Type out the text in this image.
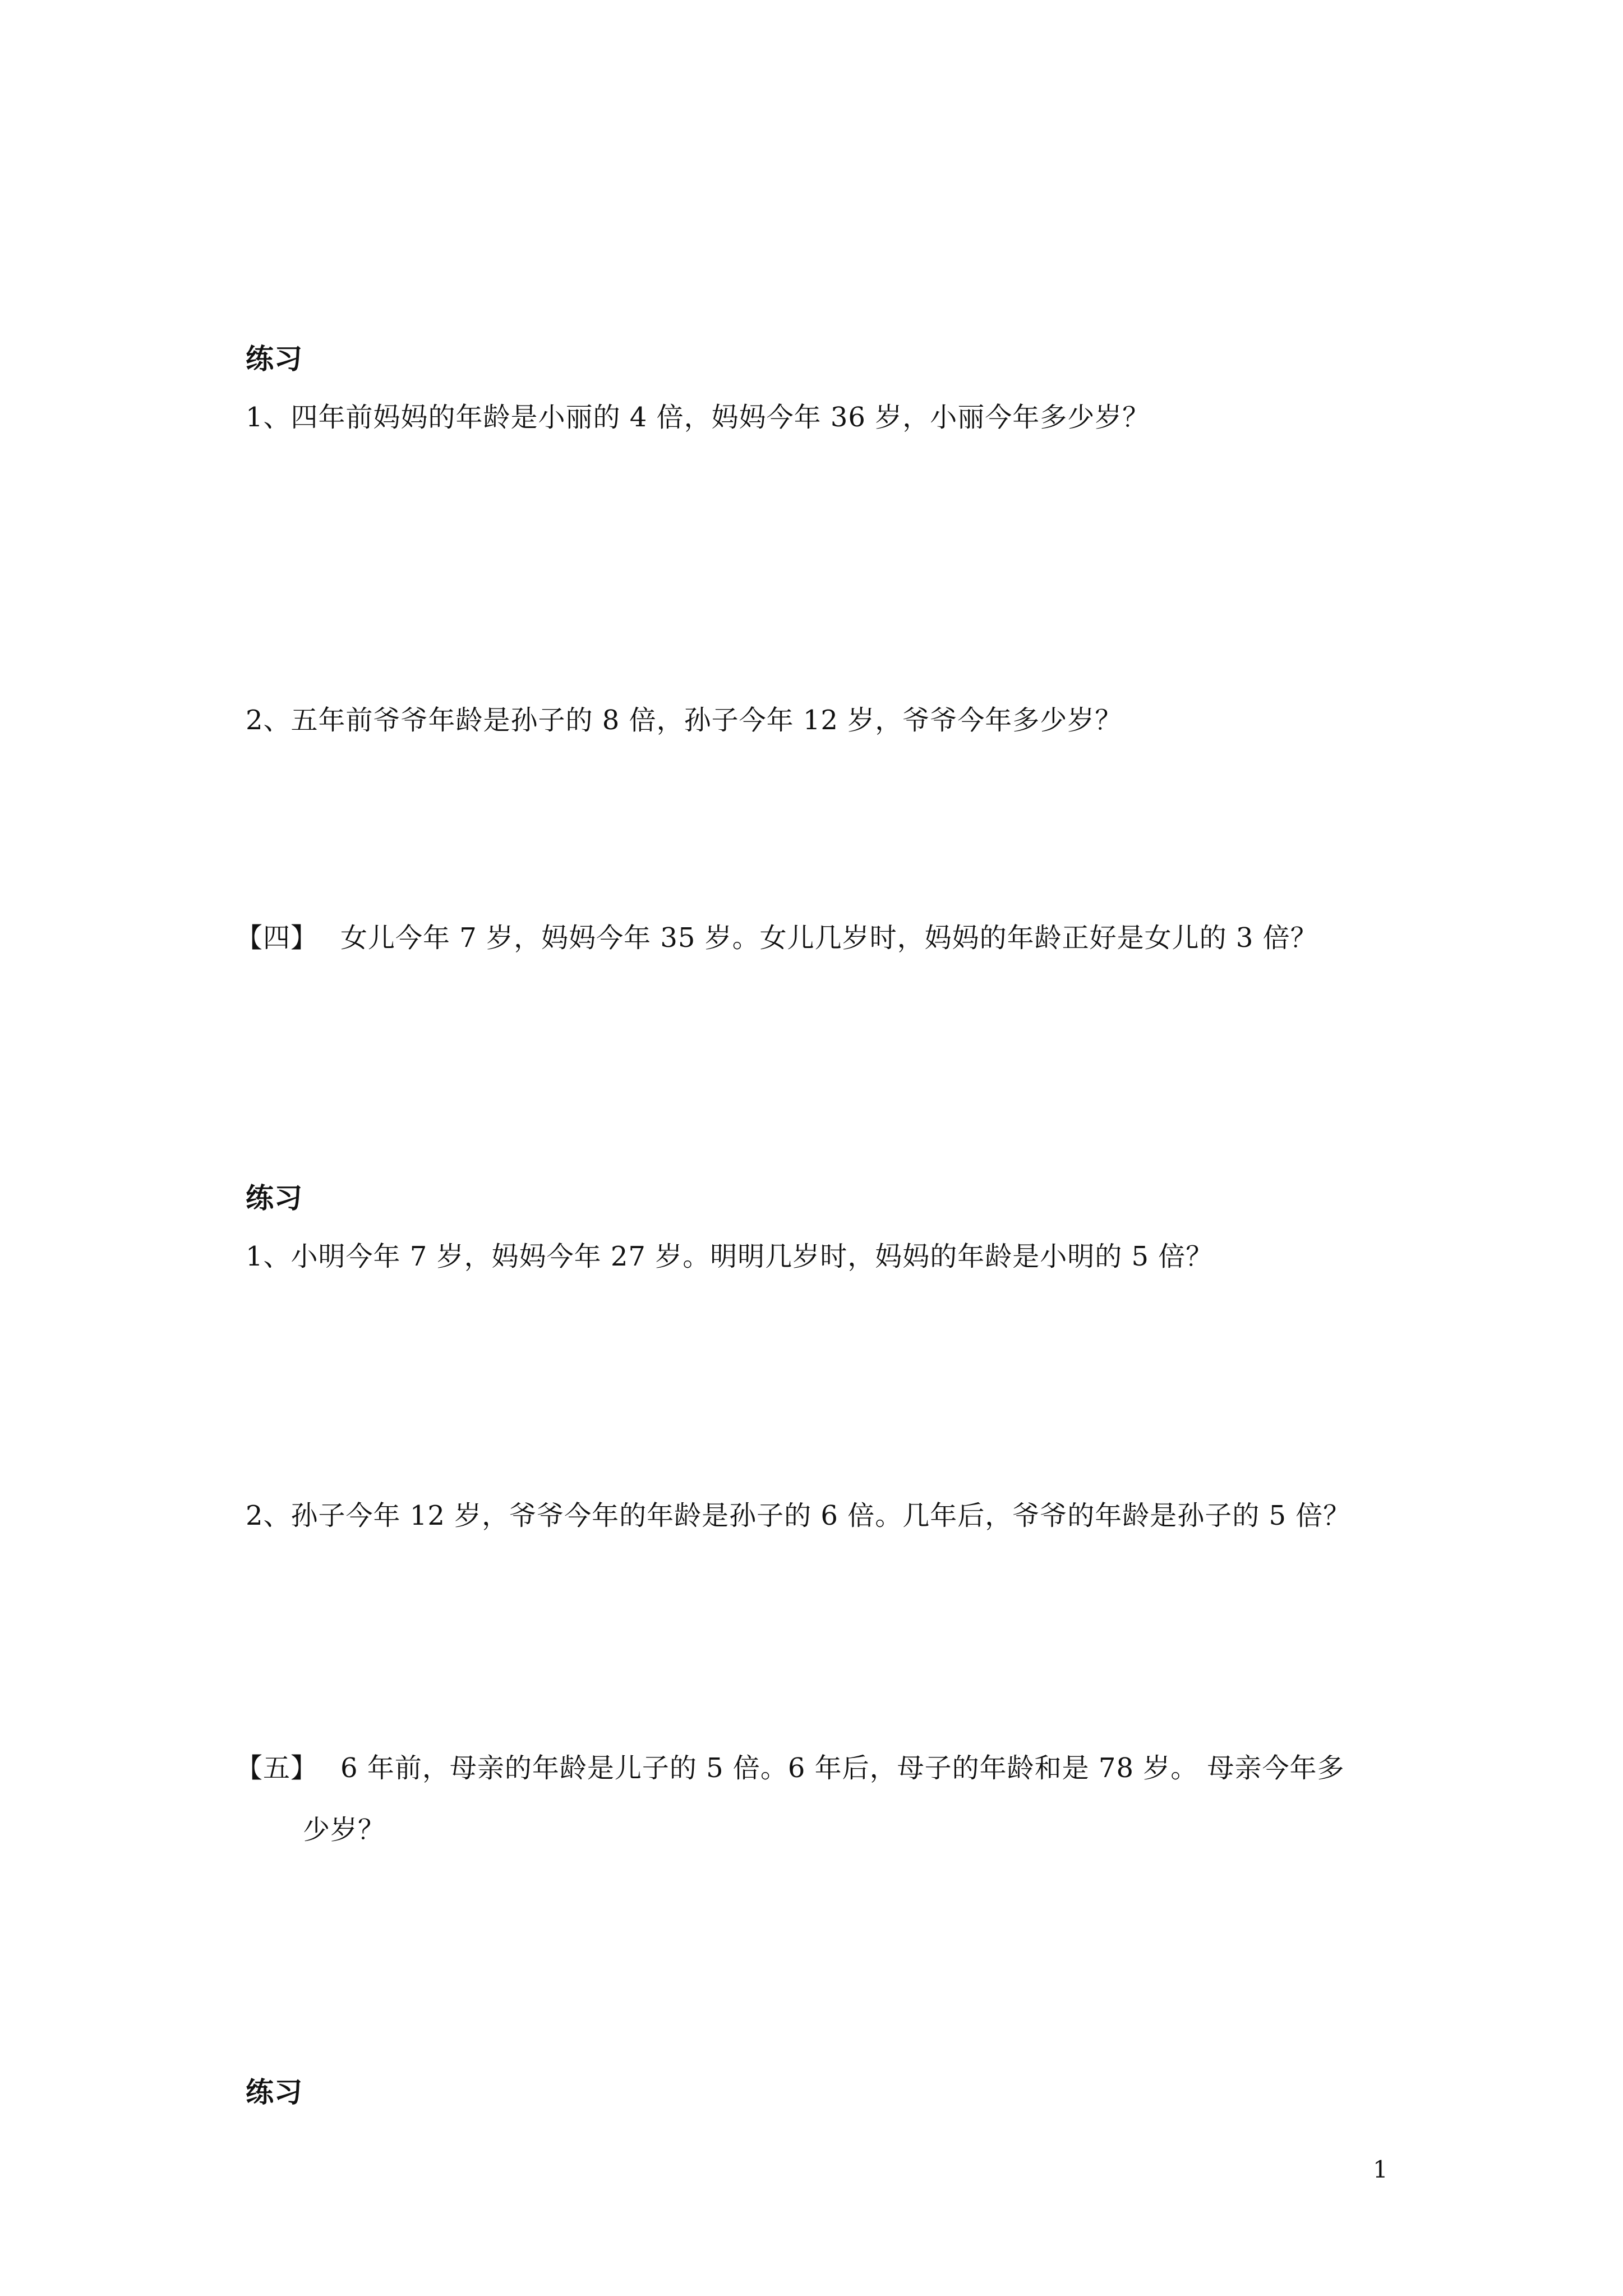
练习
1、四年前妈妈的年龄是小丽的 4 倍，妈妈今年 36 岁，小丽今年多少岁？
2、五年前爷爷年龄是孙子的 8 倍，孙子今年 12 岁，爷爷今年多少岁？
【四】 女儿今年 7 岁，妈妈今年 35 岁。女儿几岁时，妈妈的年龄正好是女儿的 3 倍？
练习
1、小明今年 7 岁，妈妈今年 27 岁。明明几岁时，妈妈的年龄是小明的 5 倍？
2、孙子今年 12 岁，爷爷今年的年龄是孙子的 6 倍。几年后，爷爷的年龄是孙子的 5 倍？
【五】 6 年前，母亲的年龄是儿子的 5 倍。6 年后，母子的年龄和是 78 岁。 母亲今年多
少岁？
练习
1
